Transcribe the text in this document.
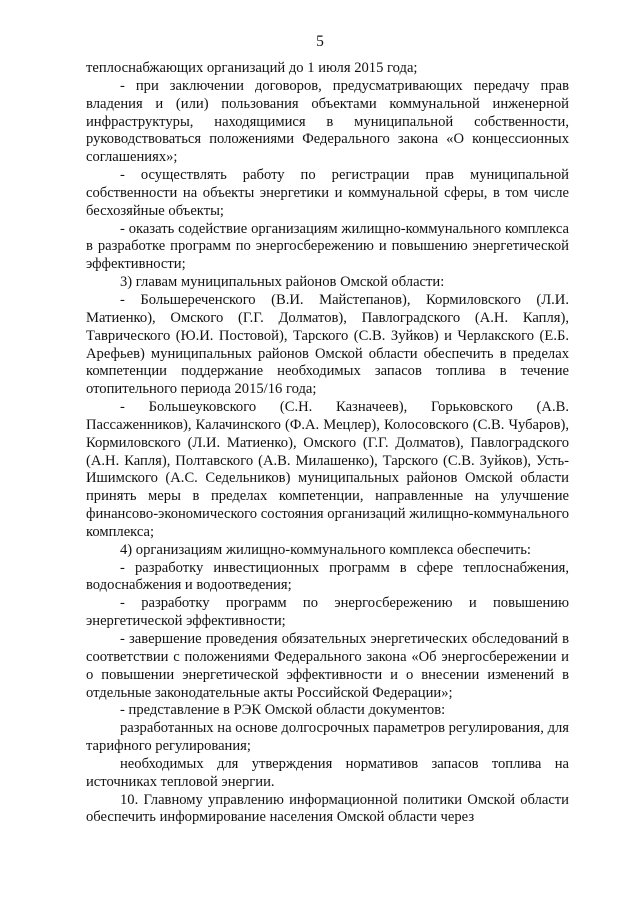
5
теплоснабжающих организаций до 1 июля 2015 года;
- при заключении договоров, предусматривающих передачу прав владения и (или) пользования объектами коммунальной инженерной инфраструктуры, находящимися в муниципальной собственности, руководствоваться положениями Федерального закона «О концессионных соглашениях»;
- осуществлять работу по регистрации прав муниципальной собственности на объекты энергетики и коммунальной сферы, в том числе бесхозяйные объекты;
- оказать содействие организациям жилищно-коммунального комплекса в разработке программ по энергосбережению и повышению энергетической эффективности;
3) главам муниципальных районов Омской области:
- Большереченского (В.И. Майстепанов), Кормиловского (Л.И. Матиенко), Омского (Г.Г. Долматов), Павлоградского (А.Н. Капля), Таврического (Ю.И. Постовой), Тарского (С.В. Зуйков) и Черлакского (Е.Б. Арефьев) муниципальных районов Омской области обеспечить в пределах компетенции поддержание необходимых запасов топлива в течение отопительного периода 2015/16 года;
- Большеуковского (С.Н. Казначеев), Горьковского (А.В. Пассаженников), Калачинского (Ф.А. Мецлер), Колосовского (С.В. Чубаров), Кормиловского (Л.И. Матиенко), Омского (Г.Г. Долматов), Павлоградского (А.Н. Капля), Полтавского (А.В. Милашенко), Тарского (С.В. Зуйков), Усть-Ишимского (А.С. Седельников) муниципальных районов Омской области принять меры в пределах компетенции, направленные на улучшение финансово-экономического состояния организаций жилищно-коммунального комплекса;
4) организациям жилищно-коммунального комплекса обеспечить:
- разработку инвестиционных программ в сфере теплоснабжения, водоснабжения и водоотведения;
- разработку программ по энергосбережению и повышению энергетической эффективности;
- завершение проведения обязательных энергетических обследований в соответствии с положениями Федерального закона «Об энергосбережении и о повышении энергетической эффективности и о внесении изменений в отдельные законодательные акты Российской Федерации»;
- представление в РЭК Омской области документов:
разработанных на основе долгосрочных параметров регулирования, для тарифного регулирования;
необходимых для утверждения нормативов запасов топлива на источниках тепловой энергии.
10. Главному управлению информационной политики Омской области обеспечить информирование населения Омской области через
